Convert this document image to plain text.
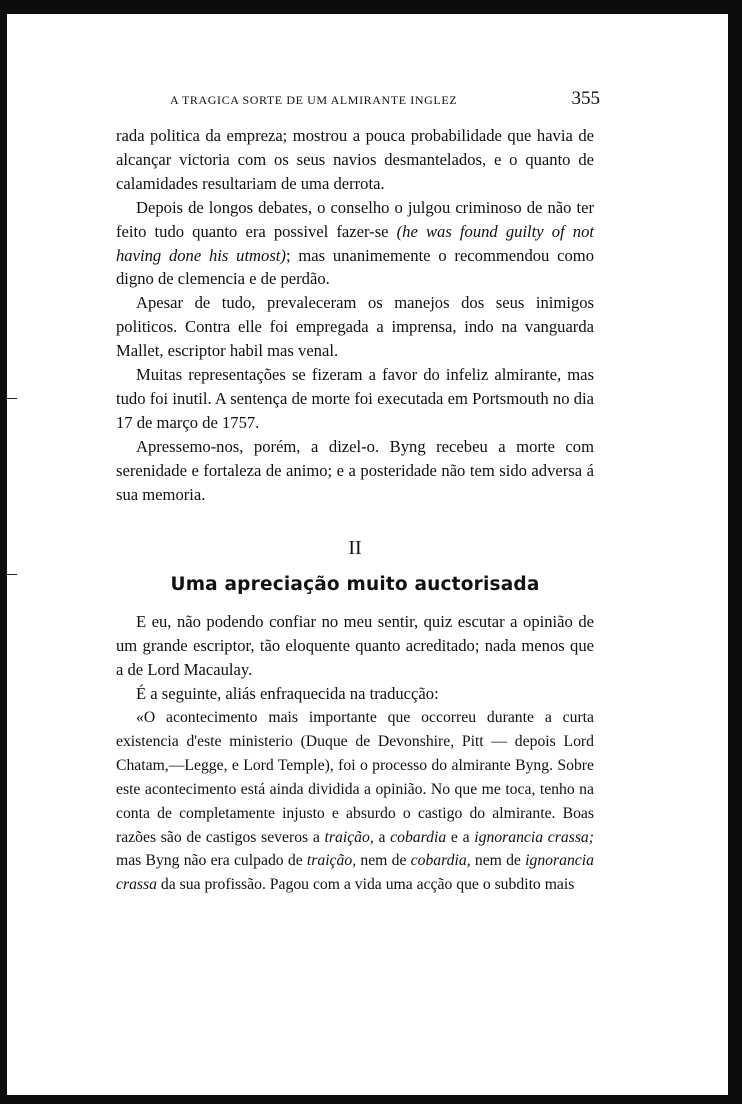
A TRAGICA SORTE DE UM ALMIRANTE INGLEZ	355

rada politica da empreza; mostrou a pouca probabilidade que havia de alcançar victoria com os seus navios desmantelados, e o quanto de calamidades resultariam de uma derrota.

Depois de longos debates, o conselho o julgou criminoso de não ter feito tudo quanto era possivel fazer-se (he was found guilty of not having done his utmost); mas unanimemente o recommendou como digno de clemencia e de perdão.

Apesar de tudo, prevaleceram os manejos dos seus inimigos politicos. Contra elle foi empregada a imprensa, indo na vanguarda Mallet, escriptor habil mas venal.

Muitas representações se fizeram a favor do infeliz almirante, mas tudo foi inutil. A sentença de morte foi executada em Portsmouth no dia 17 de março de 1757.

Apressemo-nos, porém, a dizel-o. Byng recebeu a morte com serenidade e fortaleza de animo; e a posteridade não tem sido adversa á sua memoria.

II
Uma apreciação muito auctorisada

E eu, não podendo confiar no meu sentir, quiz escutar a opinião de um grande escriptor, tão eloquente quanto acreditado; nada menos que a de Lord Macaulay.

É a seguinte, aliás enfraquecida na traducção:

«O acontecimento mais importante que occorreu durante a curta existencia d'este ministerio (Duque de Devonshire, Pitt — depois Lord Chatam,—Legge, e Lord Temple), foi o processo do almirante Byng. Sobre este acontecimento está ainda dividida a opinião. No que me toca, tenho na conta de completamente injusto e absurdo o castigo do almirante. Boas razões são de castigos severos a traição, a cobardia e a ignorancia crassa; mas Byng não era culpado de traição, nem de cobardia, nem de ignorancia crassa da sua profissão. Pagou com a vida uma acção que o subdito mais
